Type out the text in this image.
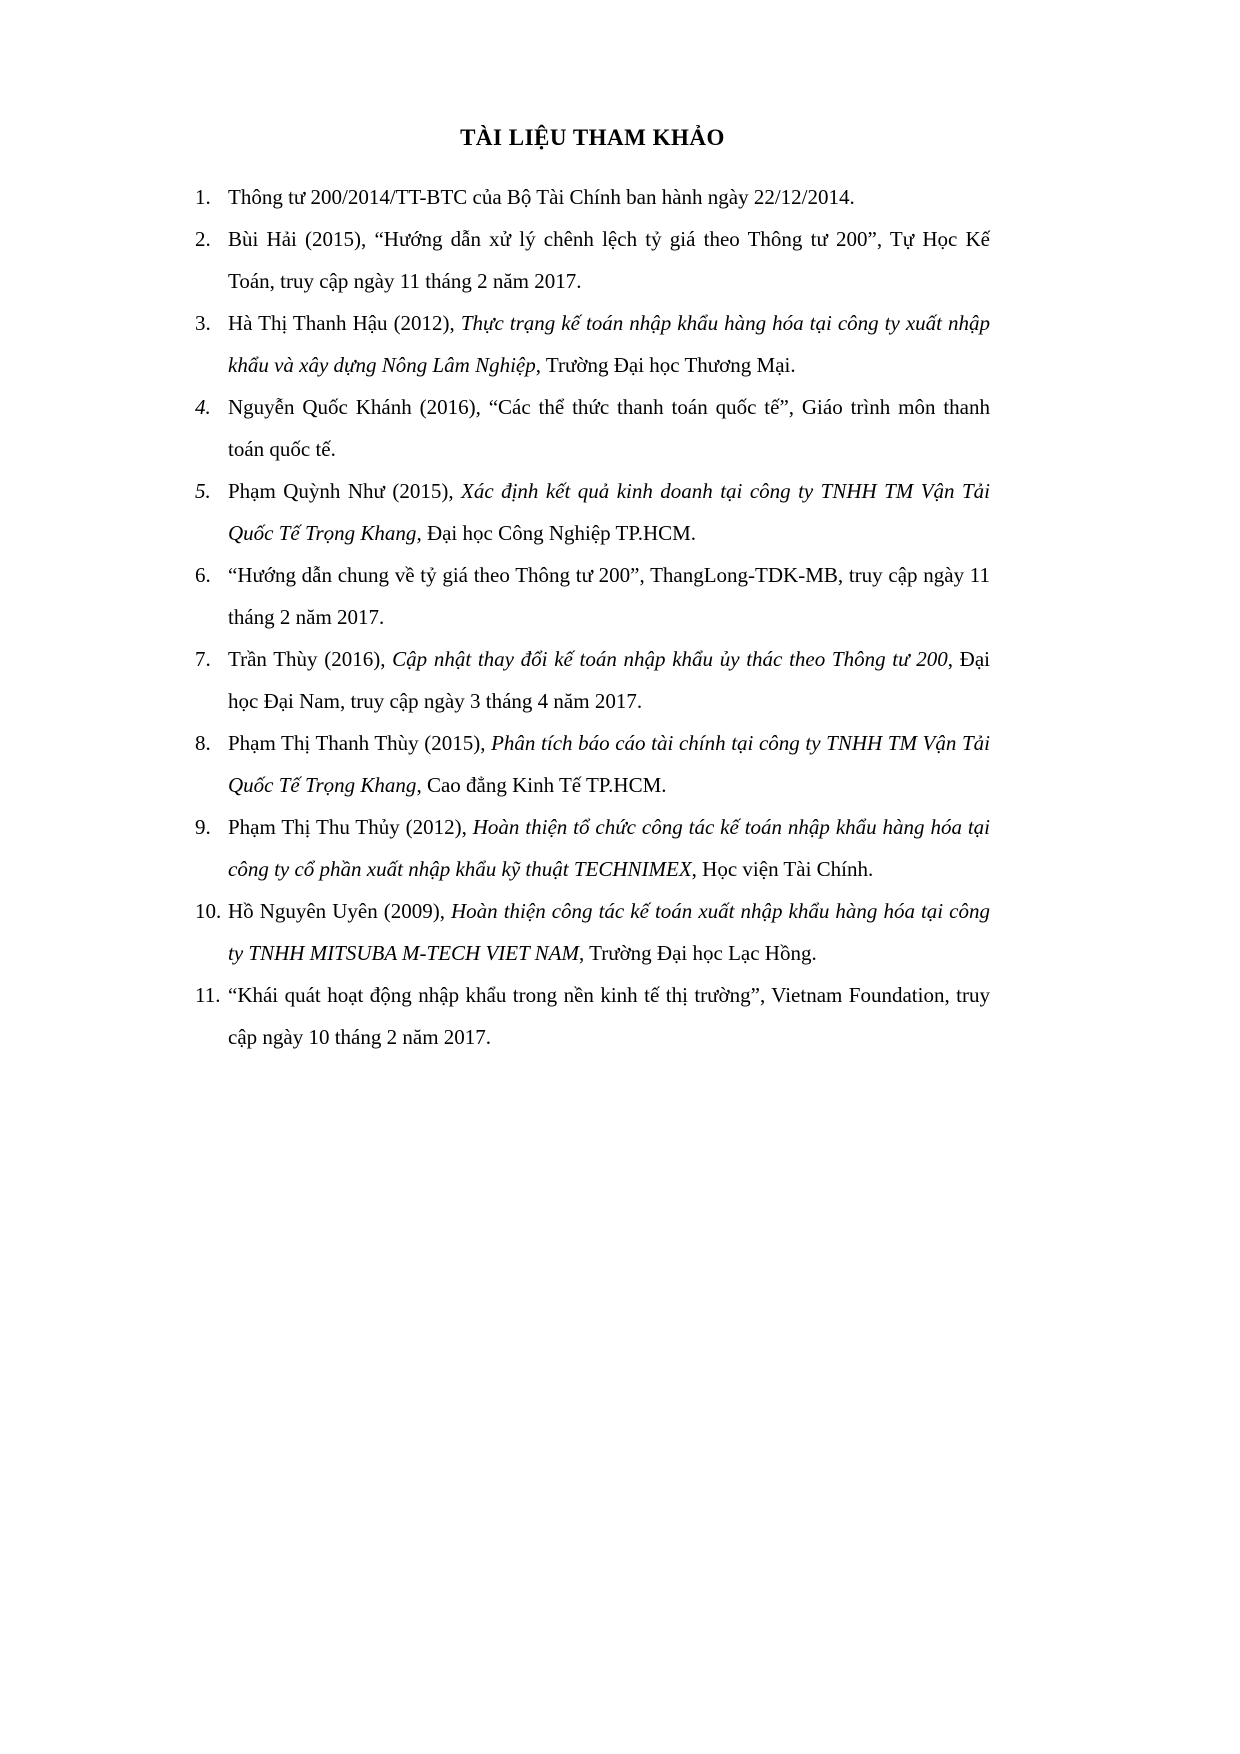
TÀI LIỆU THAM KHẢO
1. Thông tư 200/2014/TT-BTC của Bộ Tài Chính ban hành ngày 22/12/2014.
2. Bùi Hải (2015), “Hướng dẫn xử lý chênh lệch tỷ giá theo Thông tư 200”, Tự Học Kế Toán, truy cập ngày 11 tháng 2 năm 2017.
3. Hà Thị Thanh Hậu (2012), Thực trạng kế toán nhập khẩu hàng hóa tại công ty xuất nhập khẩu và xây dựng Nông Lâm Nghiệp, Trường Đại học Thương Mại.
4. Nguyễn Quốc Khánh (2016), “Các thể thức thanh toán quốc tế”, Giáo trình môn thanh toán quốc tế.
5. Phạm Quỳnh Như (2015), Xác định kết quả kinh doanh tại công ty TNHH TM Vận Tải Quốc Tế Trọng Khang, Đại học Công Nghiệp TP.HCM.
6. “Hướng dẫn chung về tỷ giá theo Thông tư 200”, ThangLong-TDK-MB, truy cập ngày 11 tháng 2 năm 2017.
7. Trần Thùy (2016), Cập nhật thay đổi kế toán nhập khẩu ủy thác theo Thông tư 200, Đại học Đại Nam, truy cập ngày 3 tháng 4 năm 2017.
8. Phạm Thị Thanh Thùy (2015), Phân tích báo cáo tài chính tại công ty TNHH TM Vận Tải Quốc Tế Trọng Khang, Cao đẳng Kinh Tế TP.HCM.
9. Phạm Thị Thu Thủy (2012), Hoàn thiện tổ chức công tác kế toán nhập khẩu hàng hóa tại công ty cổ phần xuất nhập khẩu kỹ thuật TECHNIMEX, Học viện Tài Chính.
10. Hồ Nguyên Uyên (2009), Hoàn thiện công tác kế toán xuất nhập khẩu hàng hóa tại công ty TNHH MITSUBA M-TECH VIET NAM, Trường Đại học Lạc Hồng.
11. “Khái quát hoạt động nhập khẩu trong nền kinh tế thị trường”, Vietnam Foundation, truy cập ngày 10 tháng 2 năm 2017.
